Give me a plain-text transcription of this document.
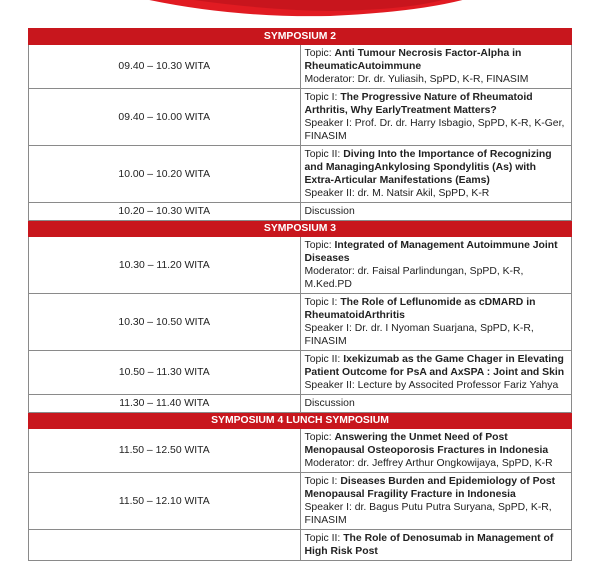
SYMPOSIUM 2	
09.40 – 10.30 WITA	Topic: Anti Tumour Necrosis Factor-Alpha in RheumaticAutoimmune
Moderator: Dr. dr. Yuliasih, SpPD, K-R, FINASIM

09.40 – 10.00 WITA	Topic I: The Progressive Nature of Rheumatoid Arthritis, Why EarlyTreatment Matters?
Speaker I: Prof. Dr. dr. Harry Isbagio, SpPD, K-R, K-Ger, FINASIM

10.00 – 10.20 WITA	Topic II: Diving Into the Importance of Recognizing and ManagingAnkylosing Spondylitis (As) with Extra-Articular Manifestations (Eams)
Speaker II: dr. M. Natsir Akil, SpPD, K-R

10.20 – 10.30 WITA	Discussion

SYMPOSIUM 3	
10.30 – 11.20 WITA	Topic: Integrated of Management Autoimmune Joint Diseases
Moderator: dr. Faisal Parlindungan, SpPD, K-R, M.Ked.PD

10.30 – 10.50 WITA	Topic I: The Role of Leflunomide as cDMARD in RheumatoidArthritis
Speaker I: Dr. dr. I Nyoman Suarjana, SpPD, K-R, FINASIM

10.50 – 11.30 WITA	Topic II: Ixekizumab as the Game Chager in Elevating Patient Outcome for PsA and AxSPA : Joint and Skin
Speaker II: Lecture by Associted Professor Fariz Yahya

11.30 – 11.40 WITA	Discussion

SYMPOSIUM 4 LUNCH SYMPOSIUM	
11.50 – 12.50 WITA	Topic: Answering the Unmet Need of Post Menopausal Osteoporosis Fractures in Indonesia
Moderator: dr. Jeffrey Arthur Ongkowijaya, SpPD, K-R

11.50 – 12.10 WITA	Topic I: Diseases Burden and Epidemiology of Post Menopausal Fragility Fracture in Indonesia
Speaker I: dr. Bagus Putu Putra Suryana, SpPD, K-R, FINASIM

	Topic II: The Role of Denosumab in Management of High Risk Post
